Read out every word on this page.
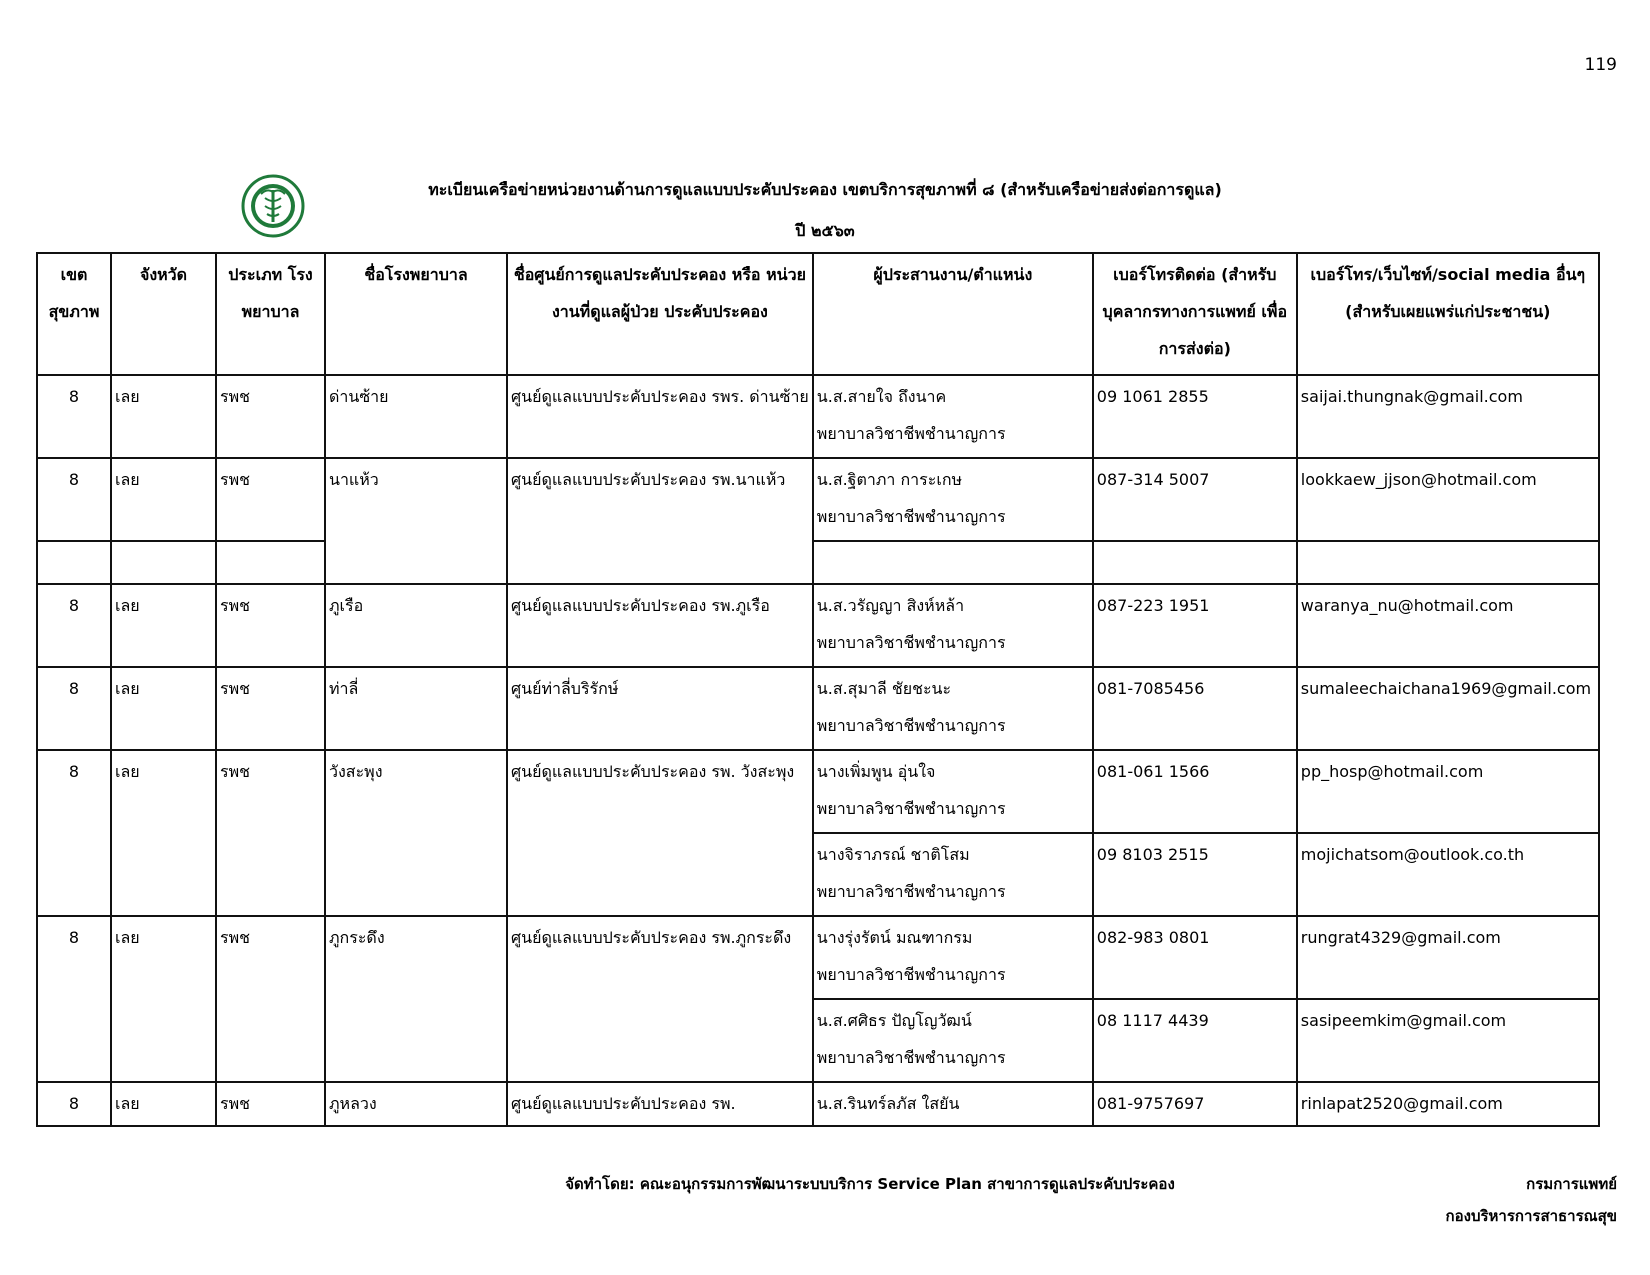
119
ทะเบียนเครือข่ายหน่วยงานด้านการดูแลแบบประคับประคอง เขตบริการสุขภาพที่ ๘ (สำหรับเครือข่ายส่งต่อการดูแล)
ปี ๒๕๖๓
เขต สุขภาพ	จังหวัด	ประเภท โรงพยาบาล	ชื่อโรงพยาบาล	ชื่อศูนย์การดูแลประคับประคอง หรือ หน่วยงานที่ดูแลผู้ป่วย ประคับประคอง	ผู้ประสานงาน/ตำแหน่ง	เบอร์โทรติดต่อ (สำหรับ บุคลากรทางการแพทย์ เพื่อการส่งต่อ)	เบอร์โทร/เว็บไซท์/social media อื่นๆ (สำหรับเผยแพร่แก่ประชาชน)
8	เลย	รพช	ด่านซ้าย	ศูนย์ดูแลแบบประคับประคอง รพร. ด่านซ้าย	น.ส.สายใจ ถึงนาค
พยาบาลวิชาชีพชำนาญการ	09 1061 2855	saijai.thungnak@gmail.com
8	เลย	รพช	นาแห้ว	ศูนย์ดูแลแบบประคับประคอง รพ.นาแห้ว	น.ส.ฐิตาภา การะเกษ
พยาบาลวิชาชีพชำนาญการ	087-314 5007	lookkaew_jjson@hotmail.com

8	เลย	รพช	ภูเรือ	ศูนย์ดูแลแบบประคับประคอง รพ.ภูเรือ	น.ส.วรัญญา สิงห์หล้า
พยาบาลวิชาชีพชำนาญการ	087-223 1951	waranya_nu@hotmail.com
8	เลย	รพช	ท่าลี่	ศูนย์ท่าลี่บริรักษ์	น.ส.สุมาลี ชัยชะนะ
พยาบาลวิชาชีพชำนาญการ	081-7085456	sumaleechaichana1969@gmail.com
8	เลย	รพช	วังสะพุง	ศูนย์ดูแลแบบประคับประคอง รพ. วังสะพุง	นางเพิ่มพูน อุ่นใจ
พยาบาลวิชาชีพชำนาญการ	081-061 1566	pp_hosp@hotmail.com

					นางจิราภรณ์ ชาติโสม
พยาบาลวิชาชีพชำนาญการ	09 8103 2515	mojichatsom@outlook.co.th
8	เลย	รพช	ภูกระดึง	ศูนย์ดูแลแบบประคับประคอง รพ.ภูกระดึง	นางรุ่งรัตน์ มณฑากรม
พยาบาลวิชาชีพชำนาญการ	082-983 0801	rungrat4329@gmail.com

					น.ส.ศศิธร ปัญโญวัฒน์
พยาบาลวิชาชีพชำนาญการ	08 1117 4439	sasipeemkim@gmail.com
8	เลย	รพช	ภูหลวง	ศูนย์ดูแลแบบประคับประคอง รพ.	น.ส.รินทร์ลภัส ใสยัน	081-9757697	rinlapat2520@gmail.com
จัดทำโดย: คณะอนุกรรมการพัฒนาระบบบริการ Service Plan สาขาการดูแลประคับประคอง	กรมการแพทย์
กองบริหารการสาธารณสุข
